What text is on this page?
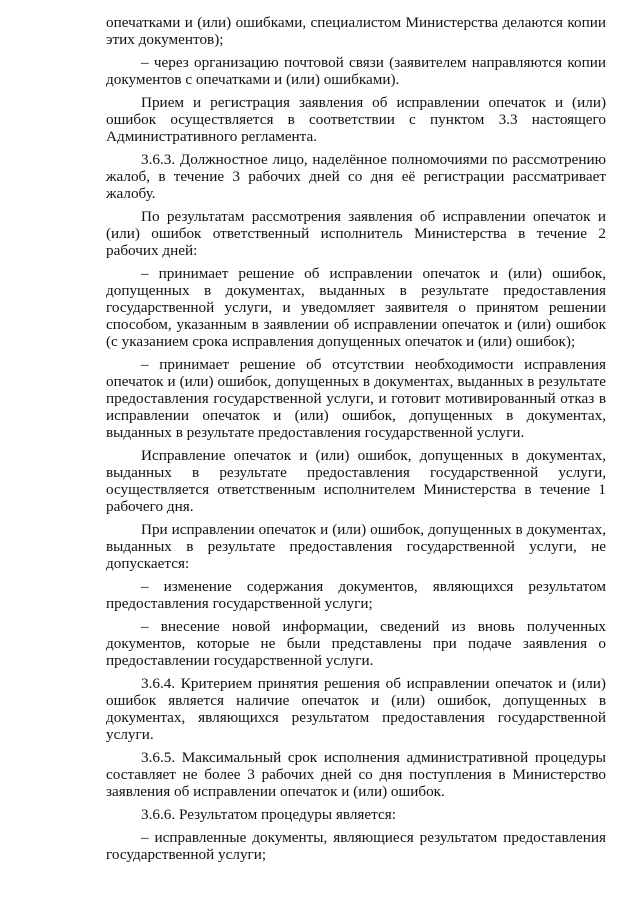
опечатками и (или) ошибками, специалистом Министерства делаются копии этих документов);

– через организацию почтовой связи (заявителем направляются копии документов с опечатками и (или) ошибками).

Прием и регистрация заявления об исправлении опечаток и (или) ошибок осуществляется в соответствии с пунктом 3.3 настоящего Административного регламента.

3.6.3. Должностное лицо, наделённое полномочиями по рассмотрению жалоб, в течение 3 рабочих дней со дня её регистрации рассматривает жалобу.

По результатам рассмотрения заявления об исправлении опечаток и (или) ошибок ответственный исполнитель Министерства в течение 2 рабочих дней:

– принимает решение об исправлении опечаток и (или) ошибок, допущенных в документах, выданных в результате предоставления государственной услуги, и уведомляет заявителя о принятом решении способом, указанным в заявлении об исправлении опечаток и (или) ошибок (с указанием срока исправления допущенных опечаток и (или) ошибок);

– принимает решение об отсутствии необходимости исправления опечаток и (или) ошибок, допущенных в документах, выданных в результате предоставления государственной услуги, и готовит мотивированный отказ в исправлении опечаток и (или) ошибок, допущенных в документах, выданных в результате предоставления государственной услуги.

Исправление опечаток и (или) ошибок, допущенных в документах, выданных в результате предоставления государственной услуги, осуществляется ответственным исполнителем Министерства в течение 1 рабочего дня.

При исправлении опечаток и (или) ошибок, допущенных в документах, выданных в результате предоставления государственной услуги, не допускается:

– изменение содержания документов, являющихся результатом предоставления государственной услуги;

– внесение новой информации, сведений из вновь полученных документов, которые не были представлены при подаче заявления о предоставлении государственной услуги.

3.6.4. Критерием принятия решения об исправлении опечаток и (или) ошибок является наличие опечаток и (или) ошибок, допущенных в документах, являющихся результатом предоставления государственной услуги.

3.6.5. Максимальный срок исполнения административной процедуры составляет не более 3 рабочих дней со дня поступления в Министерство заявления об исправлении опечаток и (или) ошибок.

3.6.6. Результатом процедуры является:

– исправленные документы, являющиеся результатом предоставления государственной услуги;
